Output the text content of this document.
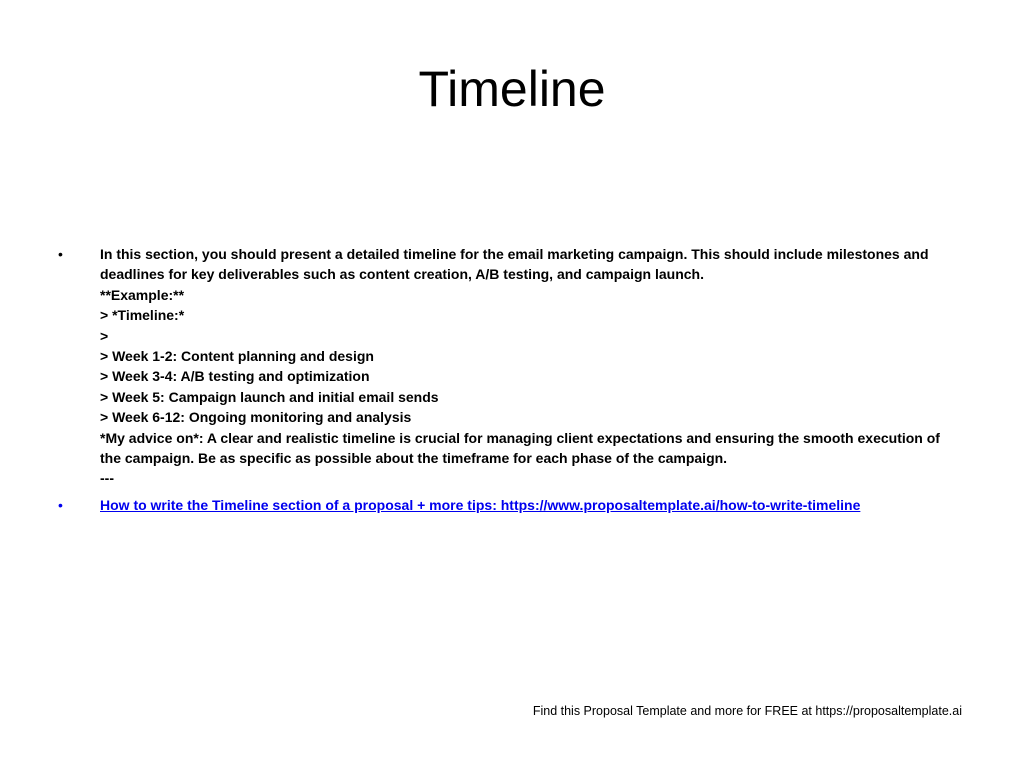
Timeline
•	In this section, you should present a detailed timeline for the email marketing campaign. This should include milestones and deadlines for key deliverables such as content creation, A/B testing, and campaign launch.
**Example:**
> *Timeline:*
>
> Week 1-2: Content planning and design
> Week 3-4: A/B testing and optimization
> Week 5: Campaign launch and initial email sends
> Week 6-12: Ongoing monitoring and analysis
*My advice on*: A clear and realistic timeline is crucial for managing client expectations and ensuring the smooth execution of the campaign. Be as specific as possible about the timeframe for each phase of the campaign.
---
•	How to write the Timeline section of a proposal + more tips: https://www.proposaltemplate.ai/how-to-write-timeline
Find this Proposal Template and more for FREE at https://proposaltemplate.ai
